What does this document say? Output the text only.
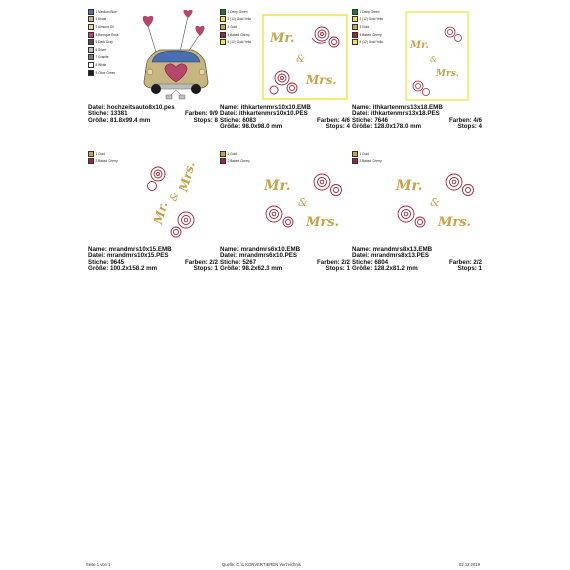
1 Medium Blue
2 Khaki
3 Almond Oil
4 Baroque Rose
5 Dark Gray
6 Silver
7 Granite
8 White
9 Olive Green
Datei: hochzeitsauto8x10.pes
Stiche: 13381	Farben: 9/9
Größe: 81.8x99.4 mm	Stops: 8
1 Deep Green
2 (12) Gold Yello
3 Gold
4 Baked Cherry
5 (12) Gold Yello Mr.
&
Mrs.
Name: ithkartenmrs10x10.EMB
Datei: ithkartenmrs10x10.PES
Stiche: 6083	Farben: 4/6
Größe: 98.0x98.0 mm	Stops: 4
1 Deep Green
2 (12) Gold Yello
3 Gold
4 Baked Cherry
5 (12) Gold Yello	Mr.
&
Mrs.
Name: ithkartenmrs13x18.EMB
Datei: ithkartenmrs13x18.PES
Stiche: 7646	Farben: 4/6
Größe: 128.0x178.0 mm	Stops: 4
1 Gold
2 Baked Cherry
Mr.
&
Mrs.
Name: mrandmrs10x15.EMB
Datei: mrandmrs10x15.PES
Stiche: 9645	Farben: 2/2
Größe: 100.2x158.2 mm	Stops: 1
1 Gold
2 Baked Cherry
Mr.
&
Mrs.
Name: mrandmrs6x10.EMB
Datei: mrandmrs6x10.PES
Stiche: 5267	Farben: 2/2
Größe: 98.2x62.3 mm	Stops: 1
1 Gold
2 Baked Cherry
Mr.
&
Mrs.
Name: mrandmrs8x13.EMB
Datei: mrandmrs8x13.PES
Stiche: 6804	Farben: 2/2
Größe: 128.2x81.2 mm	Stops: 1
Seite 1 von 1	Quelle: C:\1 KONVERTIEREN Verzeichnis	02.12.2019
